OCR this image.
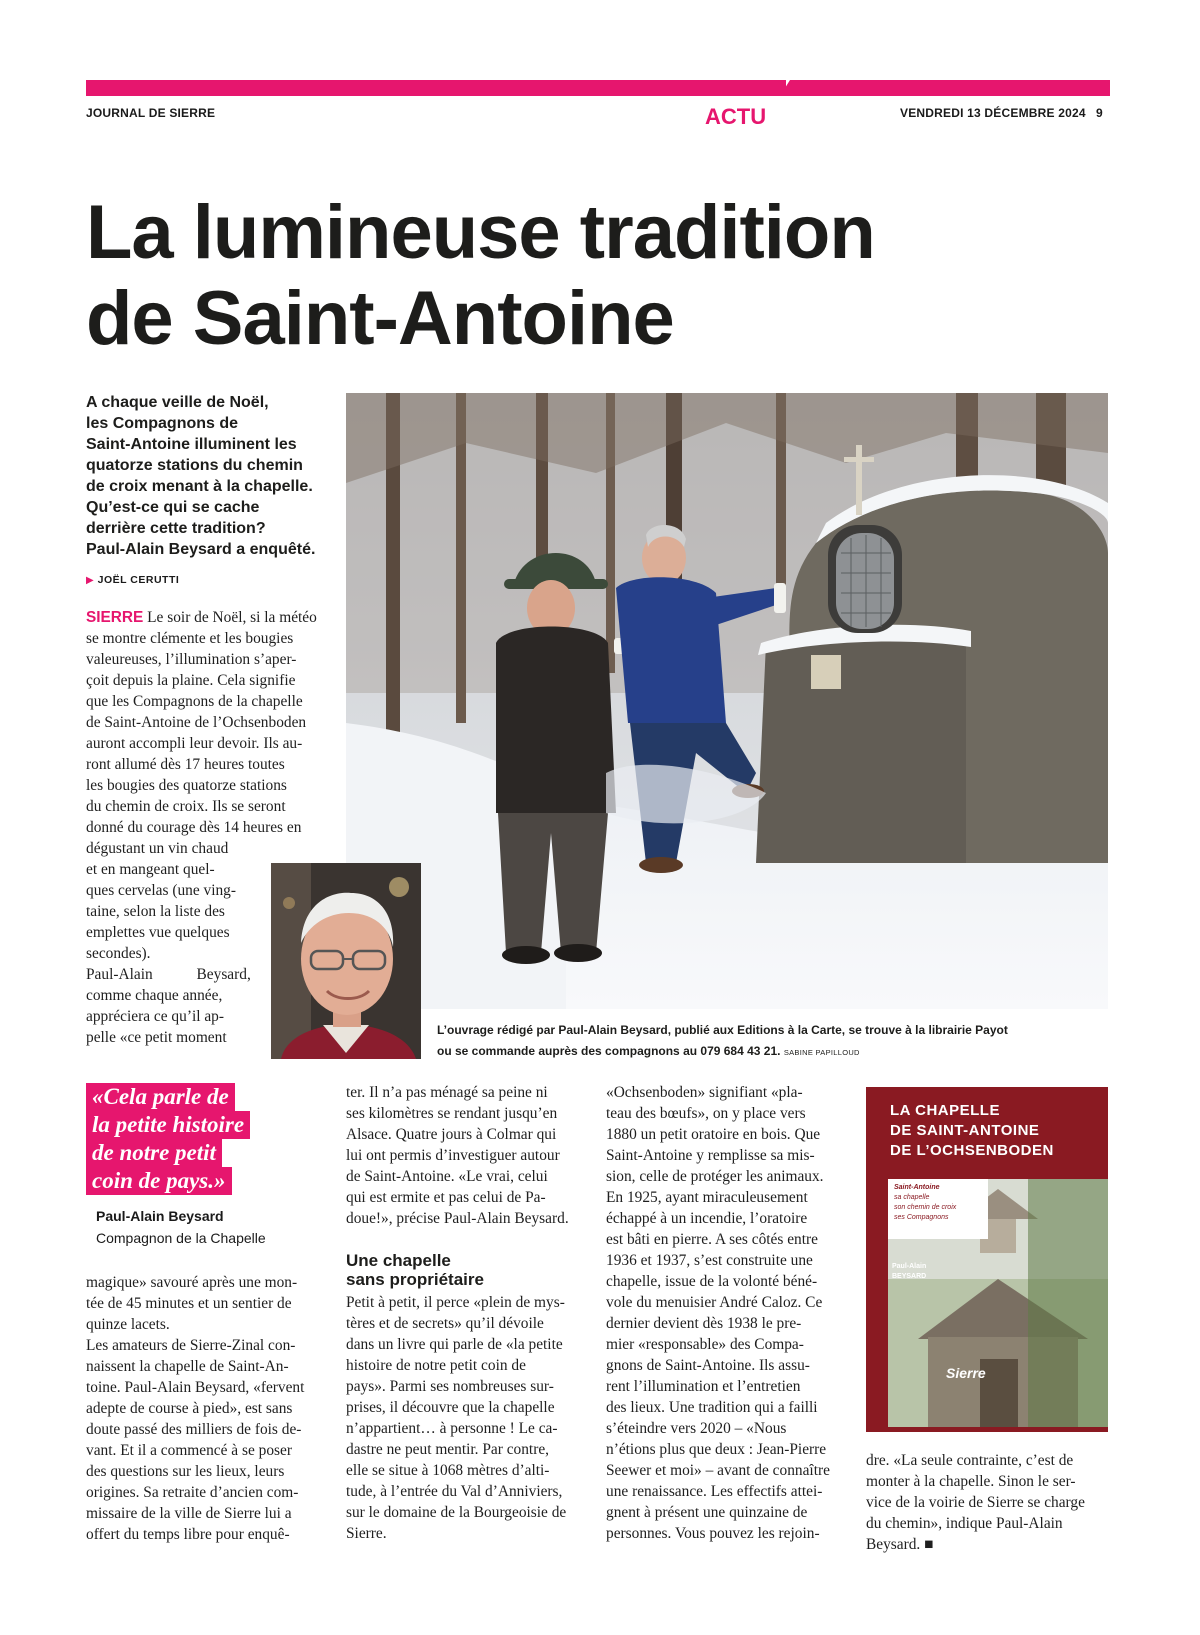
JOURNAL DE SIERRE	ACTU	VENDREDI 13 DÉCEMBRE 2024 9
La lumineuse tradition
de Saint-Antoine
A chaque veille de Noël,
les Compagnons de
Saint-Antoine illuminent les
quatorze stations du chemin
de croix menant à la chapelle.
Qu’est-ce qui se cache
derrière cette tradition?
Paul-Alain Beysard a enquêté.
▶ JOËL CERUTTI
SIERRE Le soir de Noël, si la météo
se montre clémente et les bougies
valeureuses, l’illumination s’aper-
çoit depuis la plaine. Cela signifie
que les Compagnons de la chapelle
de Saint-Antoine de l’Ochsenboden
auront accompli leur devoir. Ils au-
ront allumé dès 17 heures toutes
les bougies des quatorze stations
du chemin de croix. Ils se seront
donné du courage dès 14 heures en
dégustant un vin chaud
et en mangeant quel-
ques cervelas (une ving-
taine, selon la liste des
emplettes vue quelques
secondes).
Paul-Alain Beysard,
comme chaque année,
appréciera ce qu’il ap-
pelle «ce petit moment	L’ouvrage rédigé par Paul-Alain Beysard, publié aux Editions à la Carte, se trouve à la librairie Payot
ou se commande auprès des compagnons au 079 684 43 21. SABINE PAPILLOUD
«Cela parle de
la petite histoire
de notre petit
coin de pays.»
Paul-Alain Beysard
Compagnon de la Chapelle
magique» savouré après une mon-
tée de 45 minutes et un sentier de
quinze lacets.
Les amateurs de Sierre-Zinal con-
naissent la chapelle de Saint-An-
toine. Paul-Alain Beysard, «fervent
adepte de course à pied», est sans
doute passé des milliers de fois de-
vant. Et il a commencé à se poser
des questions sur les lieux, leurs
origines. Sa retraite d’ancien com-
missaire de la ville de Sierre lui a
offert du temps libre pour enquê-
ter. Il n’a pas ménagé sa peine ni
ses kilomètres se rendant jusqu’en
Alsace. Quatre jours à Colmar qui
lui ont permis d’investiguer autour
de Saint-Antoine. «Le vrai, celui
qui est ermite et pas celui de Pa-
doue!», précise Paul-Alain Beysard.
Une chapelle
sans propriétaire
Petit à petit, il perce «plein de mys-
tères et de secrets» qu’il dévoile
dans un livre qui parle de «la petite
histoire de notre petit coin de
pays». Parmi ses nombreuses sur-
prises, il découvre que la chapelle
n’appartient… à personne ! Le ca-
dastre ne peut mentir. Par contre,
elle se situe à 1068 mètres d’alti-
tude, à l’entrée du Val d’Anniviers,
sur le domaine de la Bourgeoisie de
Sierre.
«Ochsenboden» signifiant «pla-
teau des bœufs», on y place vers
1880 un petit oratoire en bois. Que
Saint-Antoine y remplisse sa mis-
sion, celle de protéger les animaux.
En 1925, ayant miraculeusement
échappé à un incendie, l’oratoire
est bâti en pierre. A ses côtés entre
1936 et 1937, s’est construite une
chapelle, issue de la volonté béné-
vole du menuisier André Caloz. Ce
dernier devient dès 1938 le pre-
mier «responsable» des Compa-
gnons de Saint-Antoine. Ils assu-
rent l’illumination et l’entretien
des lieux. Une tradition qui a failli
s’éteindre vers 2020 – «Nous
n’étions plus que deux : Jean-Pierre
Seewer et moi» – avant de connaître
une renaissance. Les effectifs attei-
gnent à présent une quinzaine de
personnes. Vous pouvez les rejoin-
LA CHAPELLE
DE SAINT-ANTOINE
DE L’OCHSENBODEN
Saint-Antoine
sa chapelle
son chemin de croix
ses Compagnons
Paul-Alain
BEYSARD
Sierre
dre. «La seule contrainte, c’est de
monter à la chapelle. Sinon le ser-
vice de la voirie de Sierre se charge
du chemin», indique Paul-Alain
Beysard. ■
